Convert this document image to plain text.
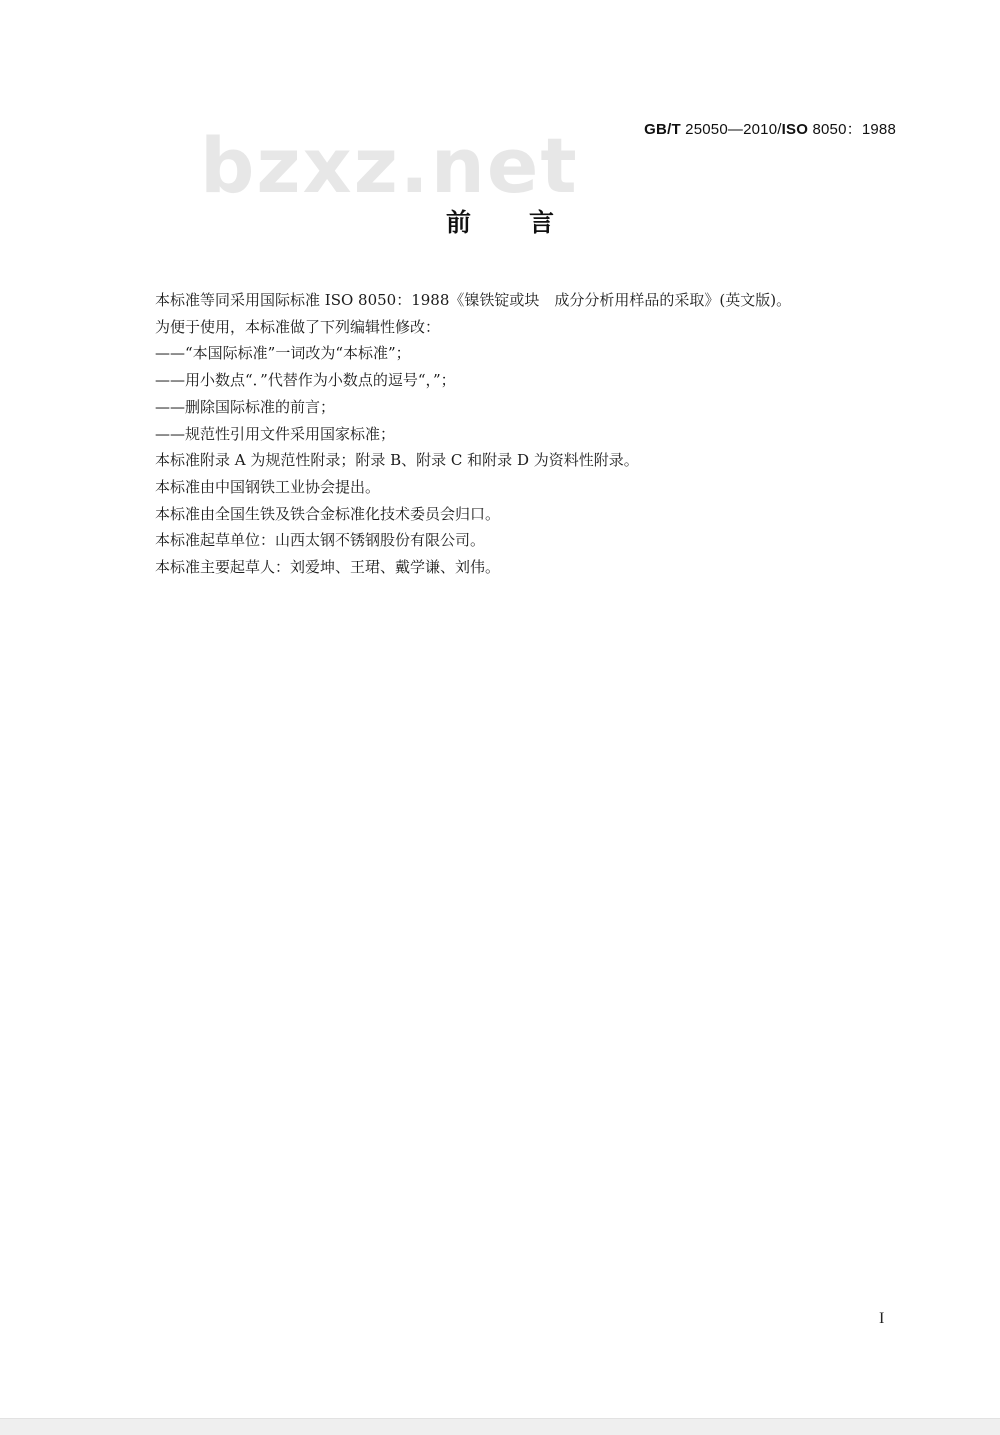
GB/T 25050—2010/ISO 8050：1988
bzxz.net
前言

本标准等同采用国际标准 ISO 8050：1988《镍铁锭或块　成分分析用样品的采取》(英文版)。

为便于使用，本标准做了下列编辑性修改：

——“本国际标准”一词改为“本标准”；

——用小数点“．”代替作为小数点的逗号“，”；

——删除国际标准的前言；

——规范性引用文件采用国家标准；

本标准附录 A 为规范性附录；附录 B、附录 C 和附录 D 为资料性附录。

本标准由中国钢铁工业协会提出。

本标准由全国生铁及铁合金标准化技术委员会归口。

本标准起草单位：山西太钢不锈钢股份有限公司。

本标准主要起草人：刘爱坤、王珺、戴学谦、刘伟。

I
